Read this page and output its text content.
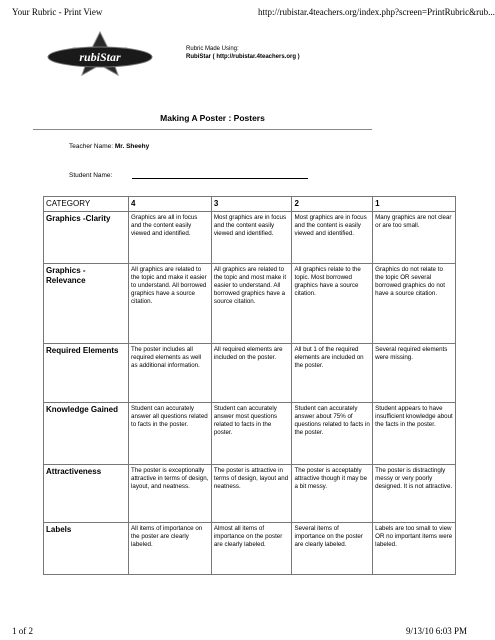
Your Rubric - Print View	http://rubistar.4teachers.org/index.php?screen=PrintRubric&rub...
rubiStar
Rubric Made Using:
RubiStar ( http://rubistar.4teachers.org )
Making A Poster : Posters
Teacher Name: Mr. Sheehy
Student Name:
CATEGORY	4	3	2	1
Graphics -Clarity	Graphics are all in focus and the content easily viewed and identified.	Most graphics are in focus and the content easily viewed and identified.	Most graphics are in focus and the content is easily viewed and identified.	Many graphics are not clear or are too small.
Graphics - Relevance	All graphics are related to the topic and make it easier to understand. All borrowed graphics have a source citation.	All graphics are related to the topic and most make it easier to understand. All borrowed graphics have a source citation.	All graphics relate to the topic. Most borrowed graphics have a source citation.	Graphics do not relate to the topic OR several borrowed graphics do not have a source citation.
Required Elements	The poster includes all required elements as well as additional information.	All required elements are included on the poster.	All but 1 of the required elements are included on the poster.	Several required elements were missing.
Knowledge Gained	Student can accurately answer all questions related to facts in the poster.	Student can accurately answer most questions related to facts in the poster.	Student can accurately answer about 75% of questions related to facts in the poster.	Student appears to have insufficient knowledge about the facts in the poster.
Attractiveness	The poster is exceptionally attractive in terms of design, layout, and neatness.	The poster is attractive in terms of design, layout and neatness.	The poster is acceptably attractive though it may be a bit messy.	The poster is distractingly messy or very poorly designed. It is not attractive.
Labels	All items of importance on the poster are clearly labeled.	Almost all items of importance on the poster are clearly labeled.	Several items of importance on the poster are clearly labeled.	Labels are too small to view OR no important items were labeled.
1 of 2	9/13/10 6:03 PM
